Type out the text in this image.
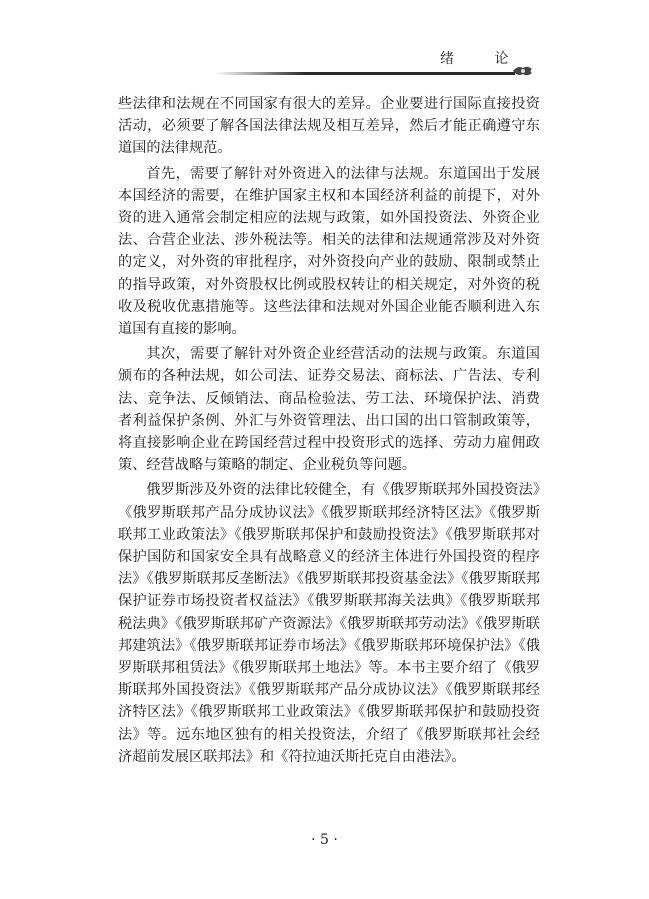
绪 论

些法律和法规在不同国家有很大的差异。企业要进行国际直接投资活动，必须要了解各国法律法规及相互差异，然后才能正确遵守东道国的法律规范。

首先，需要了解针对外资进入的法律与法规。东道国出于发展本国经济的需要，在维护国家主权和本国经济利益的前提下，对外资的进入通常会制定相应的法规与政策，如外国投资法、外资企业法、合营企业法、涉外税法等。相关的法律和法规通常涉及对外资的定义，对外资的审批程序，对外资投向产业的鼓励、限制或禁止的指导政策，对外资股权比例或股权转让的相关规定，对外资的税收及税收优惠措施等。这些法律和法规对外国企业能否顺利进入东道国有直接的影响。

其次，需要了解针对外资企业经营活动的法规与政策。东道国颁布的各种法规，如公司法、证券交易法、商标法、广告法、专利法、竞争法、反倾销法、商品检验法、劳工法、环境保护法、消费者利益保护条例、外汇与外资管理法、出口国的出口管制政策等，将直接影响企业在跨国经营过程中投资形式的选择、劳动力雇佣政策、经营战略与策略的制定、企业税负等问题。

俄罗斯涉及外资的法律比较健全，有《俄罗斯联邦外国投资法》《俄罗斯联邦产品分成协议法》《俄罗斯联邦经济特区法》《俄罗斯联邦工业政策法》《俄罗斯联邦保护和鼓励投资法》《俄罗斯联邦对保护国防和国家安全具有战略意义的经济主体进行外国投资的程序法》《俄罗斯联邦反垄断法》《俄罗斯联邦投资基金法》《俄罗斯联邦保护证券市场投资者权益法》《俄罗斯联邦海关法典》《俄罗斯联邦税法典》《俄罗斯联邦矿产资源法》《俄罗斯联邦劳动法》《俄罗斯联邦建筑法》《俄罗斯联邦证券市场法》《俄罗斯联邦环境保护法》《俄罗斯联邦租赁法》《俄罗斯联邦土地法》等。本书主要介绍了《俄罗斯联邦外国投资法》《俄罗斯联邦产品分成协议法》《俄罗斯联邦经济特区法》《俄罗斯联邦工业政策法》《俄罗斯联邦保护和鼓励投资法》等。远东地区独有的相关投资法，介绍了《俄罗斯联邦社会经济超前发展区联邦法》和《符拉迪沃斯托克自由港法》。

· 5 ·
